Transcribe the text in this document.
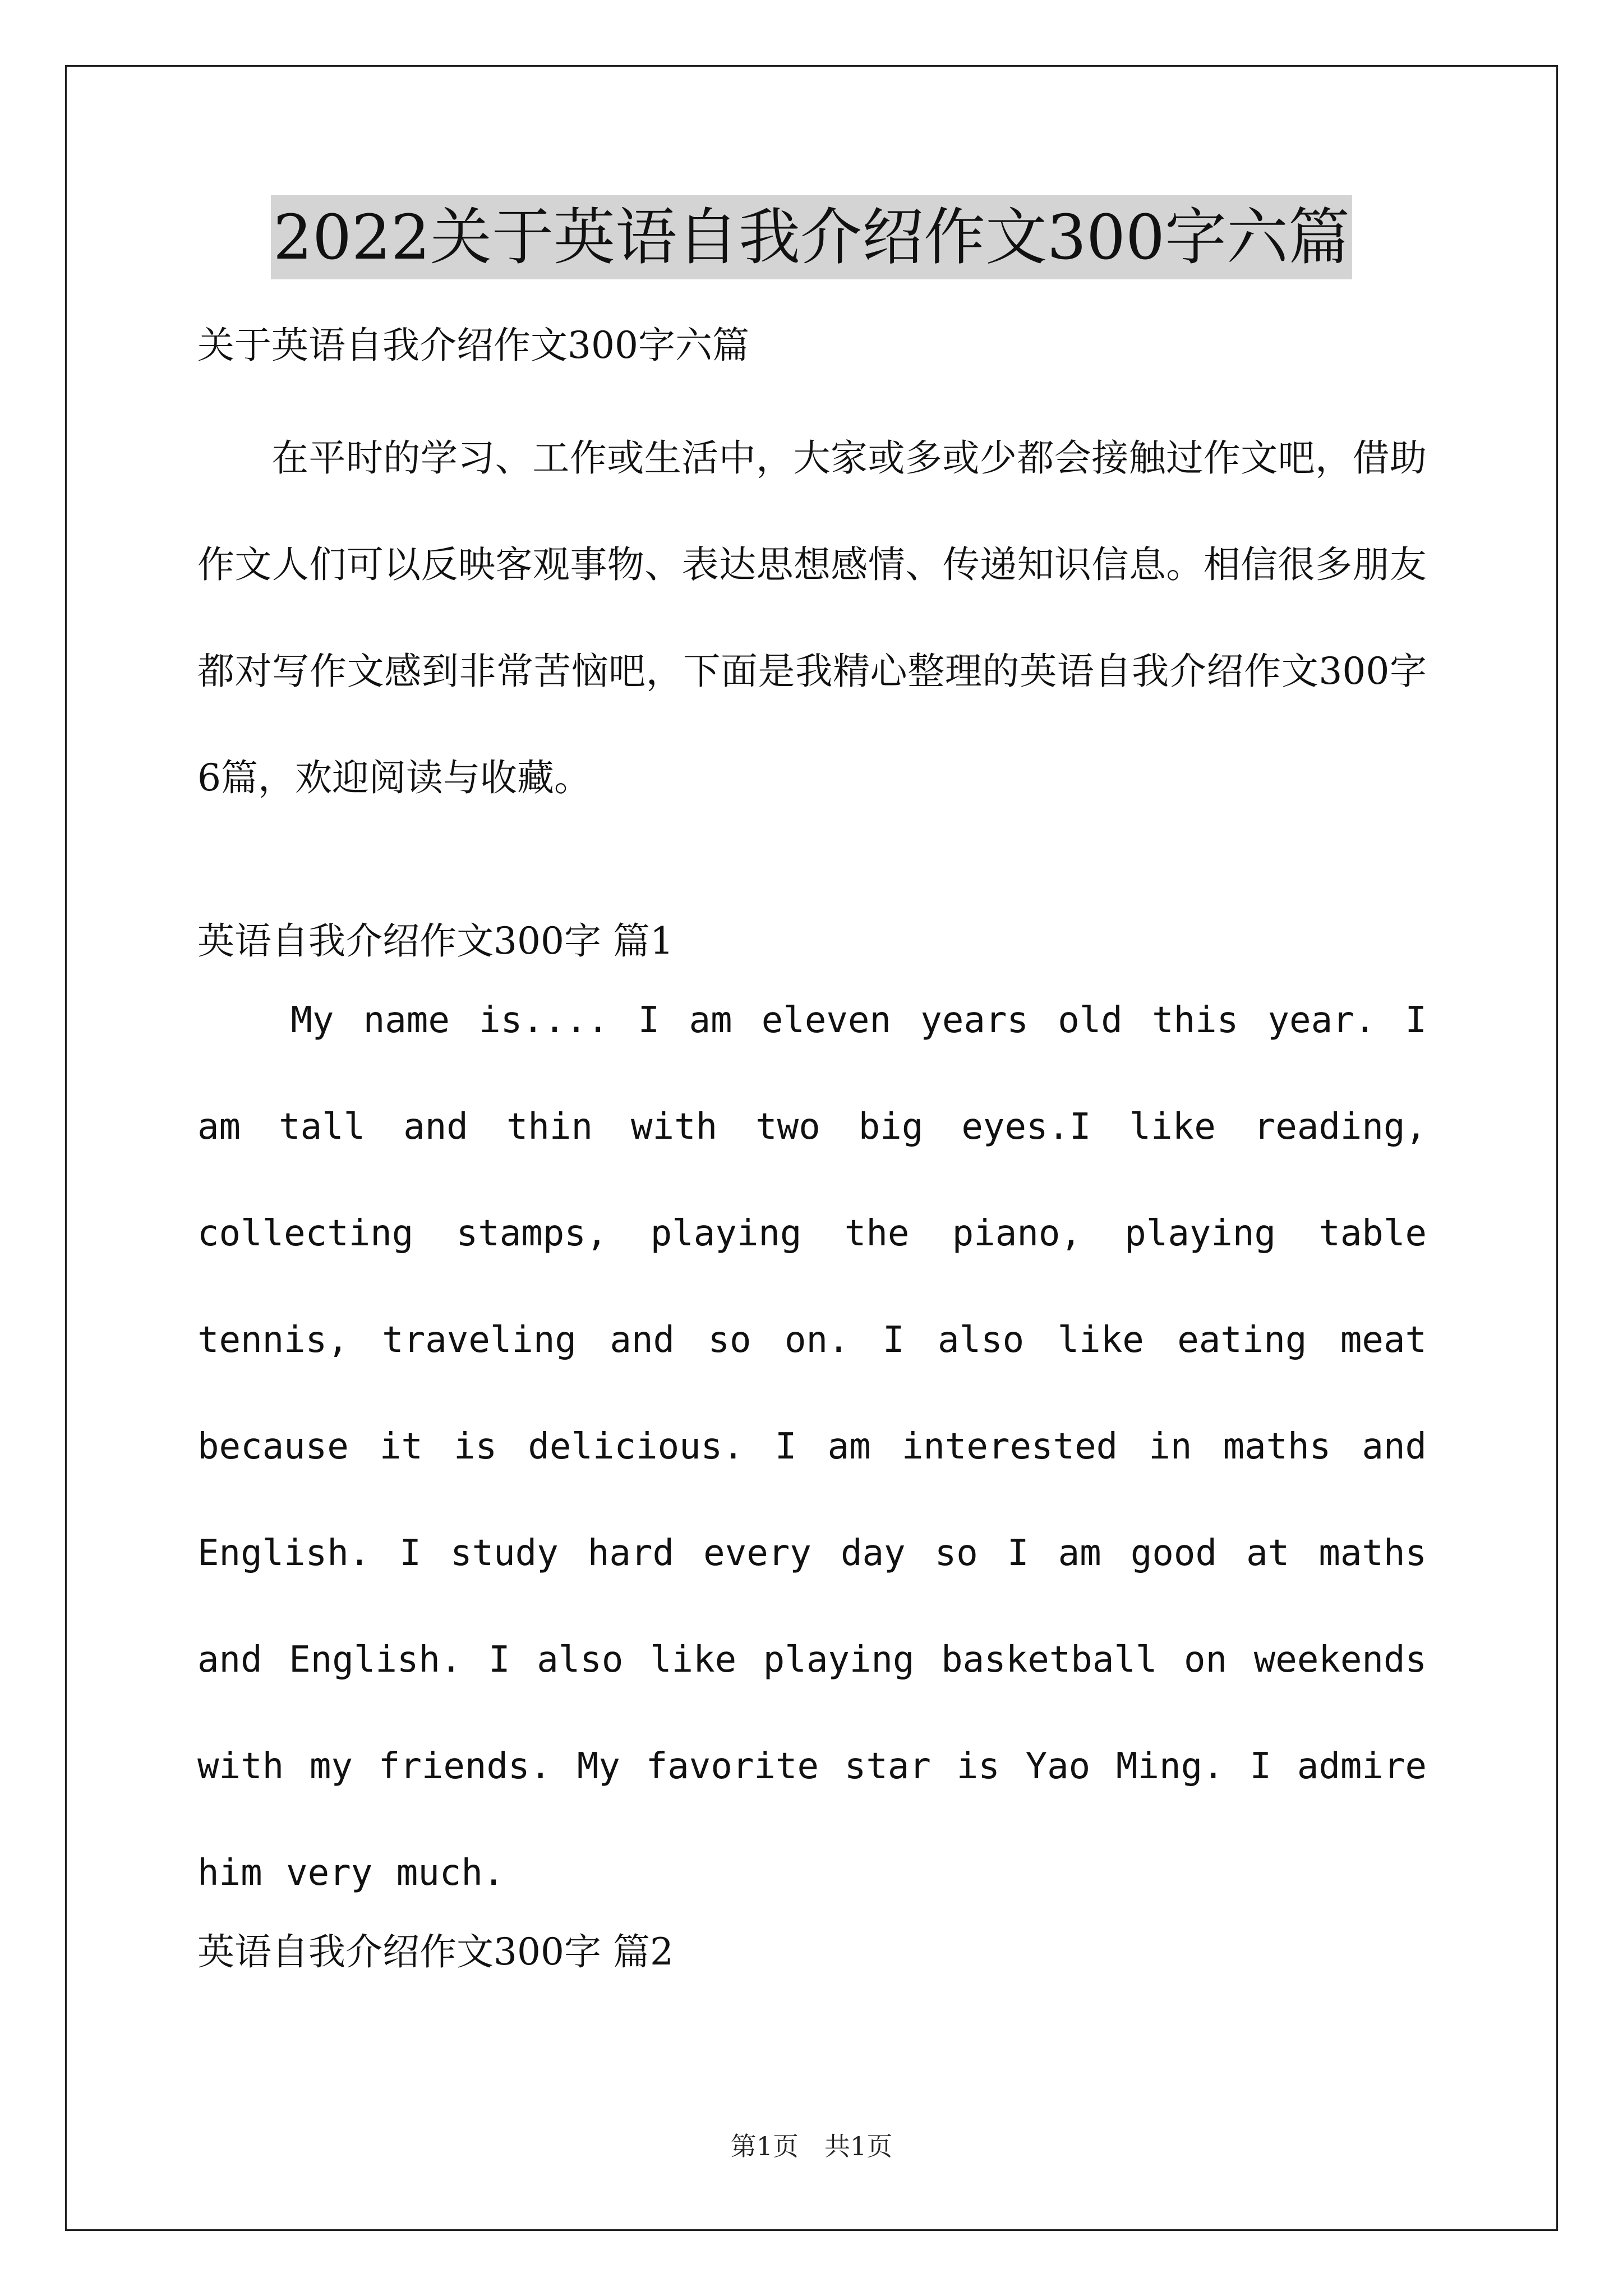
2022关于英语自我介绍作文300字六篇
关于英语自我介绍作文300字六篇
在平时的学习、工作或生活中，大家或多或少都会接触过作文吧，借助作文人们可以反映客观事物、表达思想感情、传递知识信息。相信很多朋友都对写作文感到非常苦恼吧，下面是我精心整理的英语自我介绍作文300字6篇，欢迎阅读与收藏。
英语自我介绍作文300字 篇1
My name is.... I am eleven years old this year. I am tall and thin with two big eyes.I like reading, collecting stamps, playing the piano, playing table tennis, traveling and so on. I also like eating meat because it is delicious. I am interested in maths and English. I study hard every day so I am good at maths and English. I also like playing basketball on weekends with my friends. My favorite star is Yao Ming. I admire him very much.
英语自我介绍作文300字 篇2
第1页　共1页
